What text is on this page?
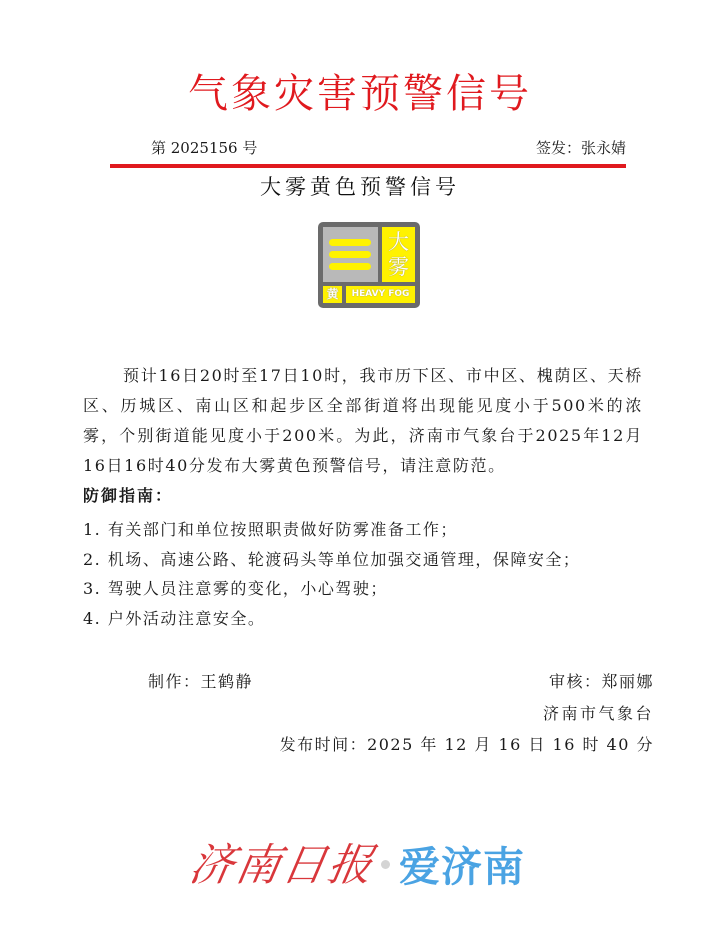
气象灾害预警信号
第 2025156 号	签发：张永婧
大雾黄色预警信号
大
雾
黄	HEAVY FOG
预计16日20时至17日10时，我市历下区、市中区、槐荫区、天桥区、历城区、南山区和起步区全部街道将出现能见度小于500米的浓雾，个别街道能见度小于200米。为此，济南市气象台于2025年12月16日16时40分发布大雾黄色预警信号，请注意防范。
防御指南：
1. 有关部门和单位按照职责做好防雾准备工作；
2. 机场、高速公路、轮渡码头等单位加强交通管理，保障安全；
3. 驾驶人员注意雾的变化，小心驾驶；
4. 户外活动注意安全。
制作：王鹤静	审核：郑丽娜
济南市气象台
发布时间：2025 年 12 月 16 日 16 时 40 分
济南日报 爱济南
